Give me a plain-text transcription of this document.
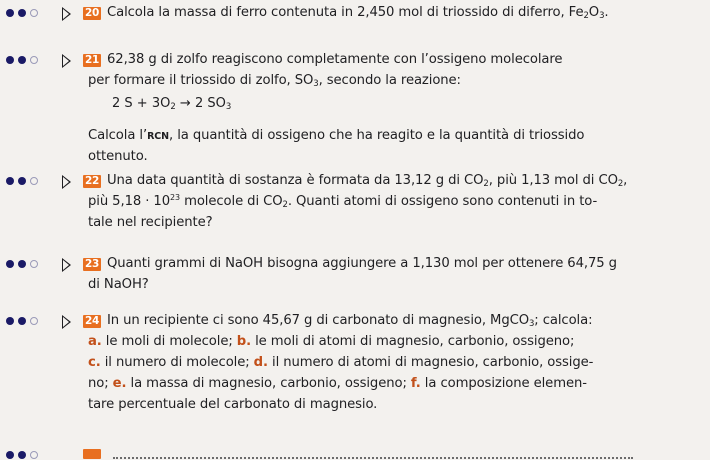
20 Calcola la massa di ferro contenuta in 2,450 mol di triossido di diferro, $Fe_2O_3$.
21 62,38 g di zolfo reagiscono completamente con l’ossigeno molecolare
per formare il triossido di zolfo, $SO_3$, secondo la reazione:
2 $S + 3O_2 \to 2$ $SO_3$
Calcola l’RCN, la quantità di ossigeno che ha reagito e la quantità di triossido
ottenuto.
22 Una data quantità di sostanza è formata da 13,12 g di $CO_2$, più 1,13 mol di $CO_2$,
più $5,18 \cdot 10^{23}$ molecole di $CO_2$. Quanti atomi di ossigeno sono contenuti in to-
tale nel recipiente?
23 Quanti grammi di NaOH bisogna aggiungere a 1,130 mol per ottenere 64,75 g
di NaOH?
24 In un recipiente ci sono 45,67 g di carbonato di magnesio, MgCO$_3$; calcola:
a. le moli di molecole; b. le moli di atomi di magnesio, carbonio, ossigeno;
c. il numero di molecole; d. il numero di atomi di magnesio, carbonio, ossige-
no; e. la massa di magnesio, carbonio, ossigeno; f. la composizione elemen-
tare percentuale del carbonato di magnesio.
